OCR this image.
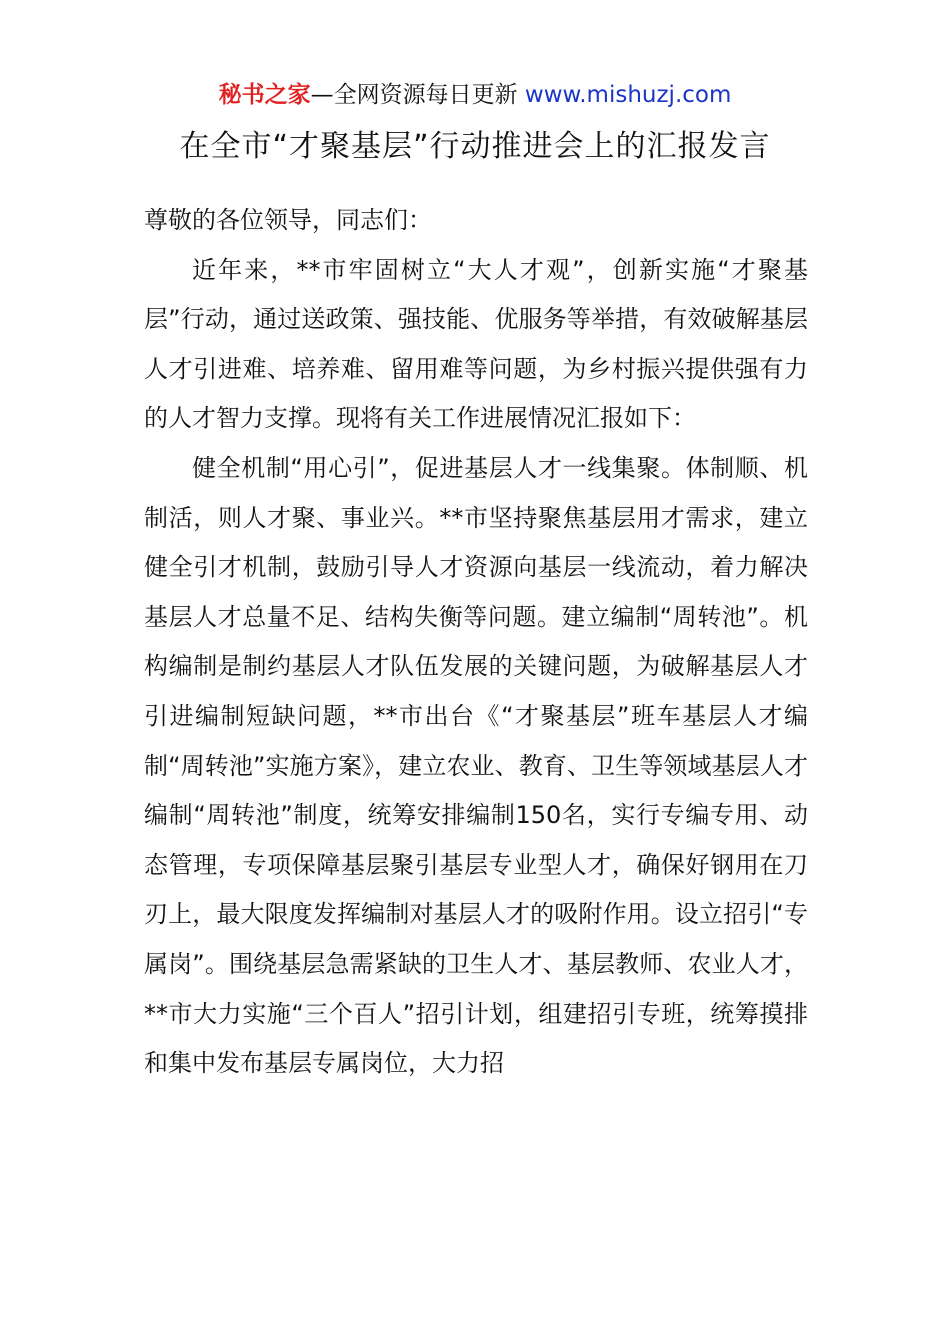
秘书之家—全网资源每日更新 www.mishuzj.com
在全市“才聚基层”行动推进会上的汇报发言

尊敬的各位领导，同志们：

近年来，**市牢固树立“大人才观”，创新实施“才聚基层”行动，通过送政策、强技能、优服务等举措，有效破解基层人才引进难、培养难、留用难等问题，为乡村振兴提供强有力的人才智力支撑。现将有关工作进展情况汇报如下：

健全机制“用心引”，促进基层人才一线集聚。体制顺、机制活，则人才聚、事业兴。**市坚持聚焦基层用才需求，建立健全引才机制，鼓励引导人才资源向基层一线流动，着力解决基层人才总量不足、结构失衡等问题。建立编制“周转池”。机构编制是制约基层人才队伍发展的关键问题，为破解基层人才引进编制短缺问题，**市出台《“才聚基层”班车基层人才编制“周转池”实施方案》，建立农业、教育、卫生等领域基层人才编制“周转池”制度，统筹安排编制150名，实行专编专用、动态管理，专项保障基层聚引基层专业型人才，确保好钢用在刀刃上，最大限度发挥编制对基层人才的吸附作用。设立招引“专属岗”。围绕基层急需紧缺的卫生人才、基层教师、农业人才，**市大力实施“三个百人”招引计划，组建招引专班，统筹摸排和集中发布基层专属岗位，大力招
